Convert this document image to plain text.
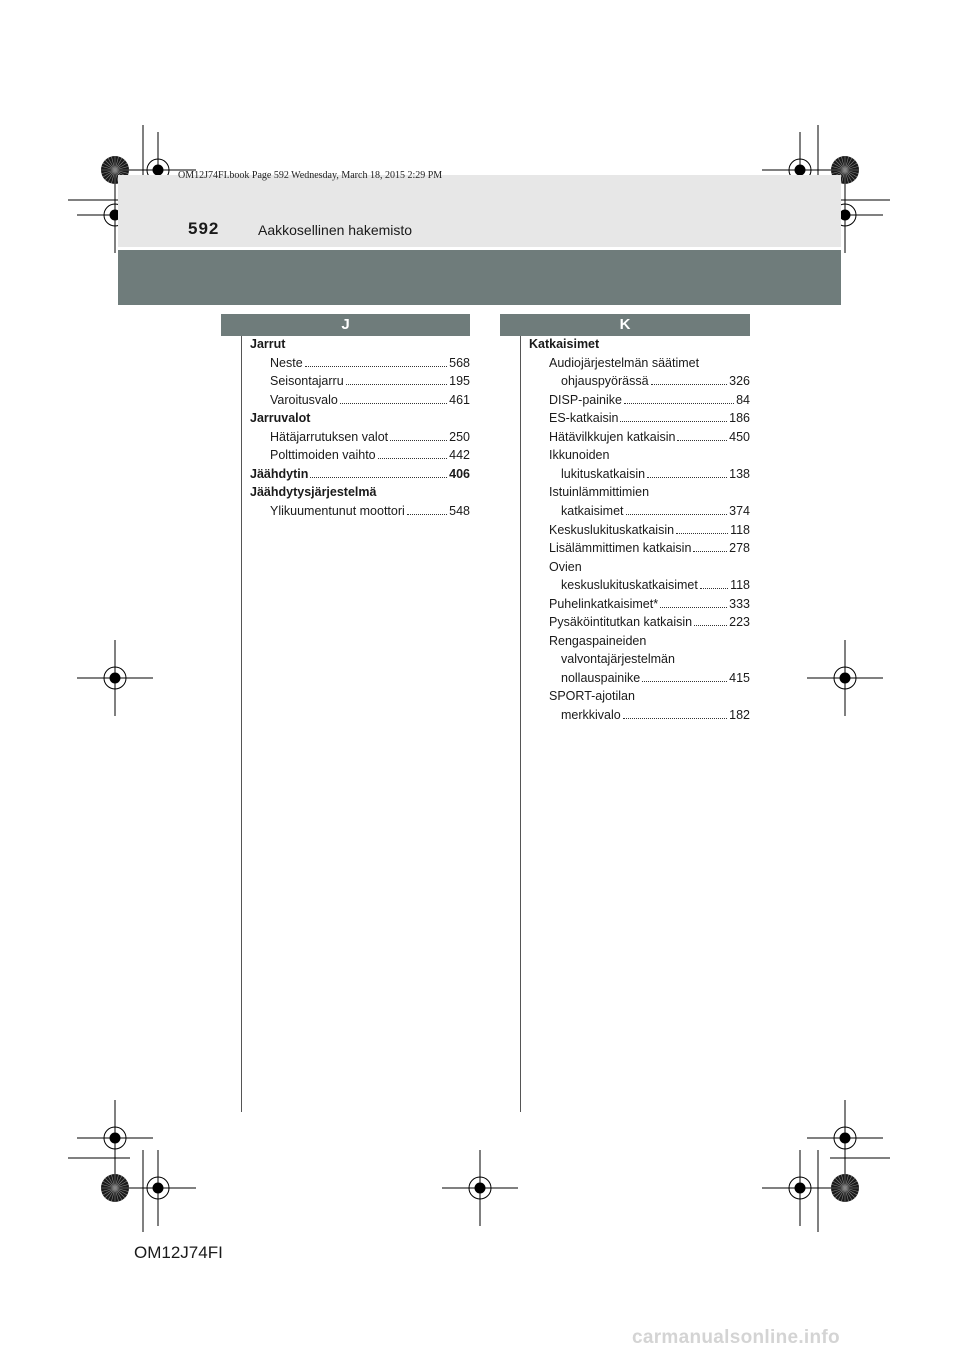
OM12J74FI.book Page 592 Wednesday, March 18, 2015 2:29 PM
592	Aakkosellinen hakemisto
J	K
Jarrut
Neste	568
Seisontajarru	195
Varoitusvalo	461
Jarruvalot
Hätäjarrutuksen valot	250
Polttimoiden vaihto	442
Jäähdytin	406
Jäähdytysjärjestelmä
Ylikuumentunut moottori	548
Katkaisimet
Audiojärjestelmän säätimet
ohjauspyörässä	326
DISP-painike	84
ES-katkaisin	186
Hätävilkkujen katkaisin	450
Ikkunoiden
lukituskatkaisin	138
Istuinlämmittimien
katkaisimet	374
Keskuslukituskatkaisin	118
Lisälämmittimen katkaisin	278
Ovien
keskuslukituskatkaisimet	118
Puhelinkatkaisimet*	333
Pysäköintitutkan katkaisin	223
Rengaspaineiden
valvontajärjestelmän
nollauspainike	415
SPORT-ajotilan
merkkivalo	182
OM12J74FI
carmanualsonline.info
